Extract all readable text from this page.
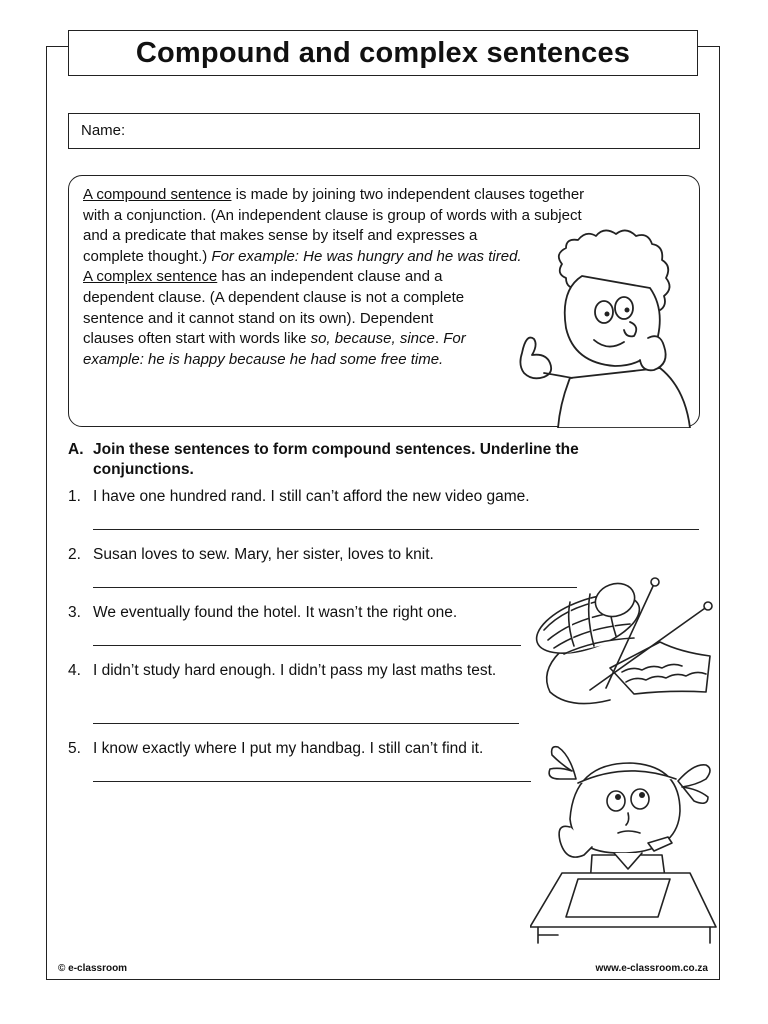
Compound and complex sentences
Name:
A compound sentence is made by joining two independent clauses together
with a conjunction. (An independent clause is group of words with a subject
and a predicate that makes sense by itself and expresses a
complete thought.) For example: He was hungry and he was tired.
A complex sentence has an independent clause and a
dependent clause. (A dependent clause is not a complete
sentence and it cannot stand on its own). Dependent
clauses often start with words like so, because, since. For
example: he is happy because he had some free time.
A. Join these sentences to form compound sentences. Underline the conjunctions.
1. I have one hundred rand. I still can’t afford the new video game.
2. Susan loves to sew. Mary, her sister, loves to knit.
3. We eventually found the hotel. It wasn’t the right one.
4. I didn’t study hard enough. I didn’t pass my last maths test.
5. I know exactly where I put my handbag. I still can’t find it.
© e-classroom	www.e-classroom.co.za
